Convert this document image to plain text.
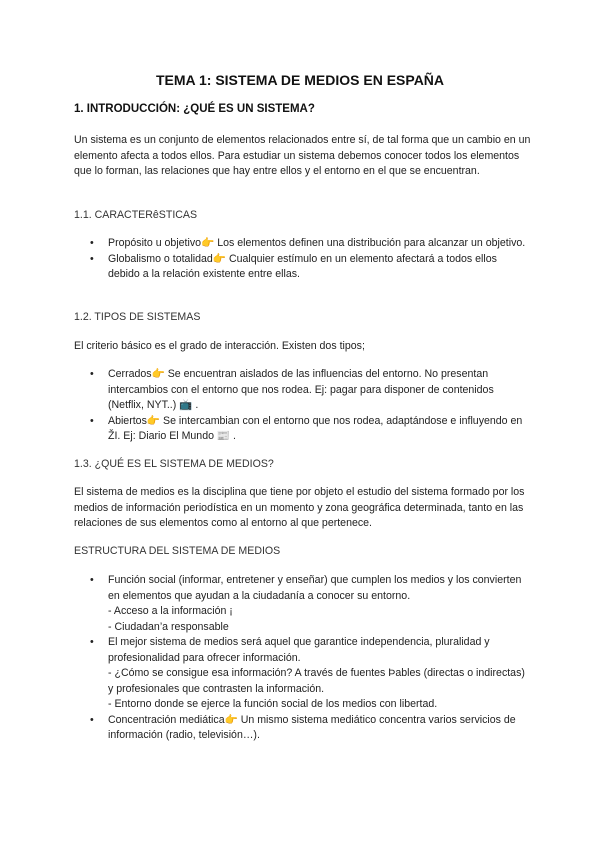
TEMA 1: SISTEMA DE MEDIOS EN ESPAÑA
1. INTRODUCCIÓN: ¿QUÉ ES UN SISTEMA?
Un sistema es un conjunto de elementos relacionados entre sí, de tal forma que un cambio en un elemento afecta a todos ellos. Para estudiar un sistema debemos conocer todos los elementos que lo forman, las relaciones que hay entre ellos y el entorno en el que se encuentran.
1.1. CARACTERêSTICAS
• Propósito u objetivo👉 Los elementos definen una distribución para alcanzar un objetivo.
• Globalismo o totalidad👉 Cualquier estímulo en un elemento afectará a todos ellos debido a la relación existente entre ellas.
1.2. TIPOS DE SISTEMAS
El criterio básico es el grado de interacción. Existen dos tipos;
• Cerrados👉 Se encuentran aislados de las influencias del entorno. No presentan intercambios con el entorno que nos rodea. Ej: pagar para disponer de contenidos (Netflix, NYT..) 📺 .
• Abiertos👉 Se intercambian con el entorno que nos rodea, adaptándose e influyendo en ŽI. Ej: Diario El Mundo 📰 .
1.3. ¿QUÉ ES EL SISTEMA DE MEDIOS?
El sistema de medios es la disciplina que tiene por objeto el estudio del sistema formado por los medios de información periodística en un momento y zona geográfica determinada, tanto en las relaciones de sus elementos como al entorno al que pertenece.
ESTRUCTURA DEL SISTEMA DE MEDIOS
• Función social (informar, entretener y enseñar) que cumplen los medios y los convierten en elementos que ayudan a la ciudadanía a conocer su entorno.
- Acceso a la información ¡
- Ciudadan’a responsable
• El mejor sistema de medios será aquel que garantice independencia, pluralidad y profesionalidad para ofrecer información.
- ¿Cómo se consigue esa información? A través de fuentes Þables (directas o indirectas) y profesionales que contrasten la información.
- Entorno donde se ejerce la función social de los medios con libertad.
• Concentración mediática👉 Un mismo sistema mediático concentra varios servicios de información (radio, televisión…).
